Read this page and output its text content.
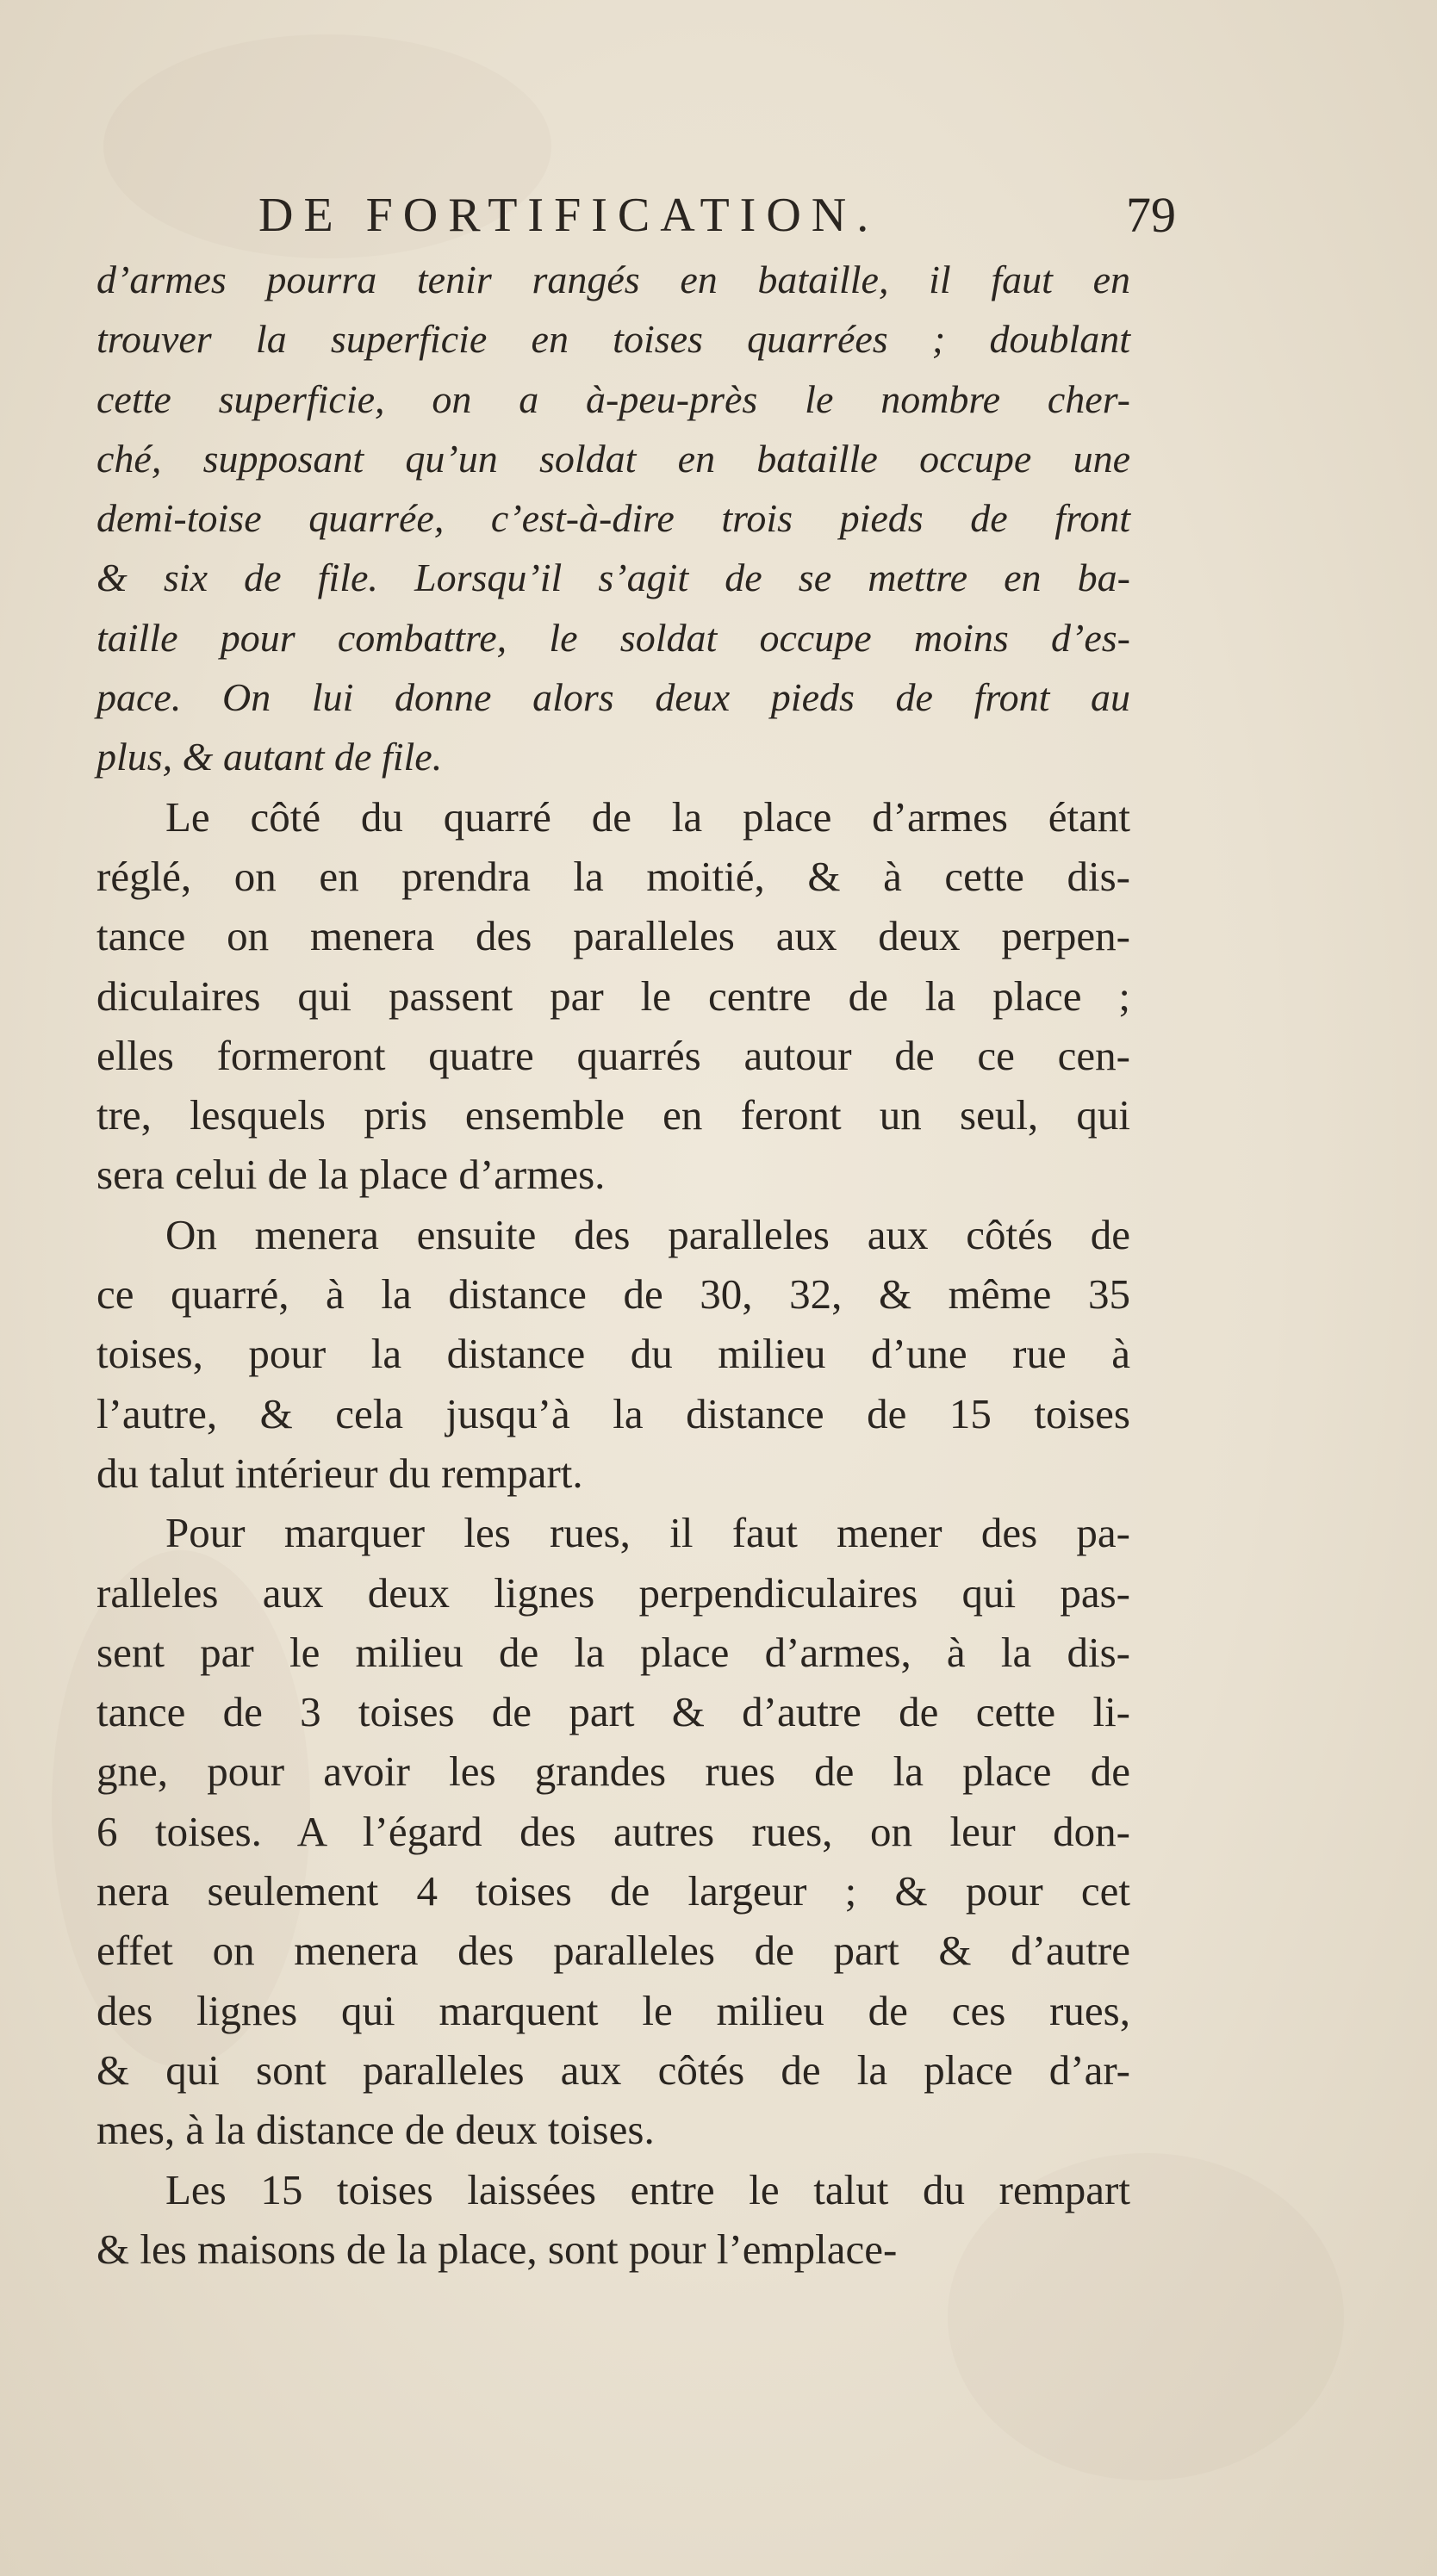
DE FORTIFICATION.	79
d’armes pourra tenir rangés en bataille, il faut en
trouver la superficie en toises quarrées ; doublant
cette superficie, on a à-peu-près le nombre cher-
ché, supposant qu’un soldat en bataille occupe une
demi-toise quarrée, c’est-à-dire trois pieds de front
& six de file. Lorsqu’il s’agit de se mettre en ba-
taille pour combattre, le soldat occupe moins d’es-
pace. On lui donne alors deux pieds de front au
plus, & autant de file.
Le côté du quarré de la place d’armes étant
réglé, on en prendra la moitié, & à cette dis-
tance on menera des paralleles aux deux perpen-
diculaires qui passent par le centre de la place ;
elles formeront quatre quarrés autour de ce cen-
tre, lesquels pris ensemble en feront un seul, qui
sera celui de la place d’armes.
On menera ensuite des paralleles aux côtés de
ce quarré, à la distance de 30, 32, & même 35
toises, pour la distance du milieu d’une rue à
l’autre, & cela jusqu’à la distance de 15 toises
du talut intérieur du rempart.
Pour marquer les rues, il faut mener des pa-
ralleles aux deux lignes perpendiculaires qui pas-
sent par le milieu de la place d’armes, à la dis-
tance de 3 toises de part & d’autre de cette li-
gne, pour avoir les grandes rues de la place de
6 toises. A l’égard des autres rues, on leur don-
nera seulement 4 toises de largeur ; & pour cet
effet on menera des paralleles de part & d’autre
des lignes qui marquent le milieu de ces rues,
& qui sont paralleles aux côtés de la place d’ar-
mes, à la distance de deux toises.
Les 15 toises laissées entre le talut du rempart
& les maisons de la place, sont pour l’emplace-
